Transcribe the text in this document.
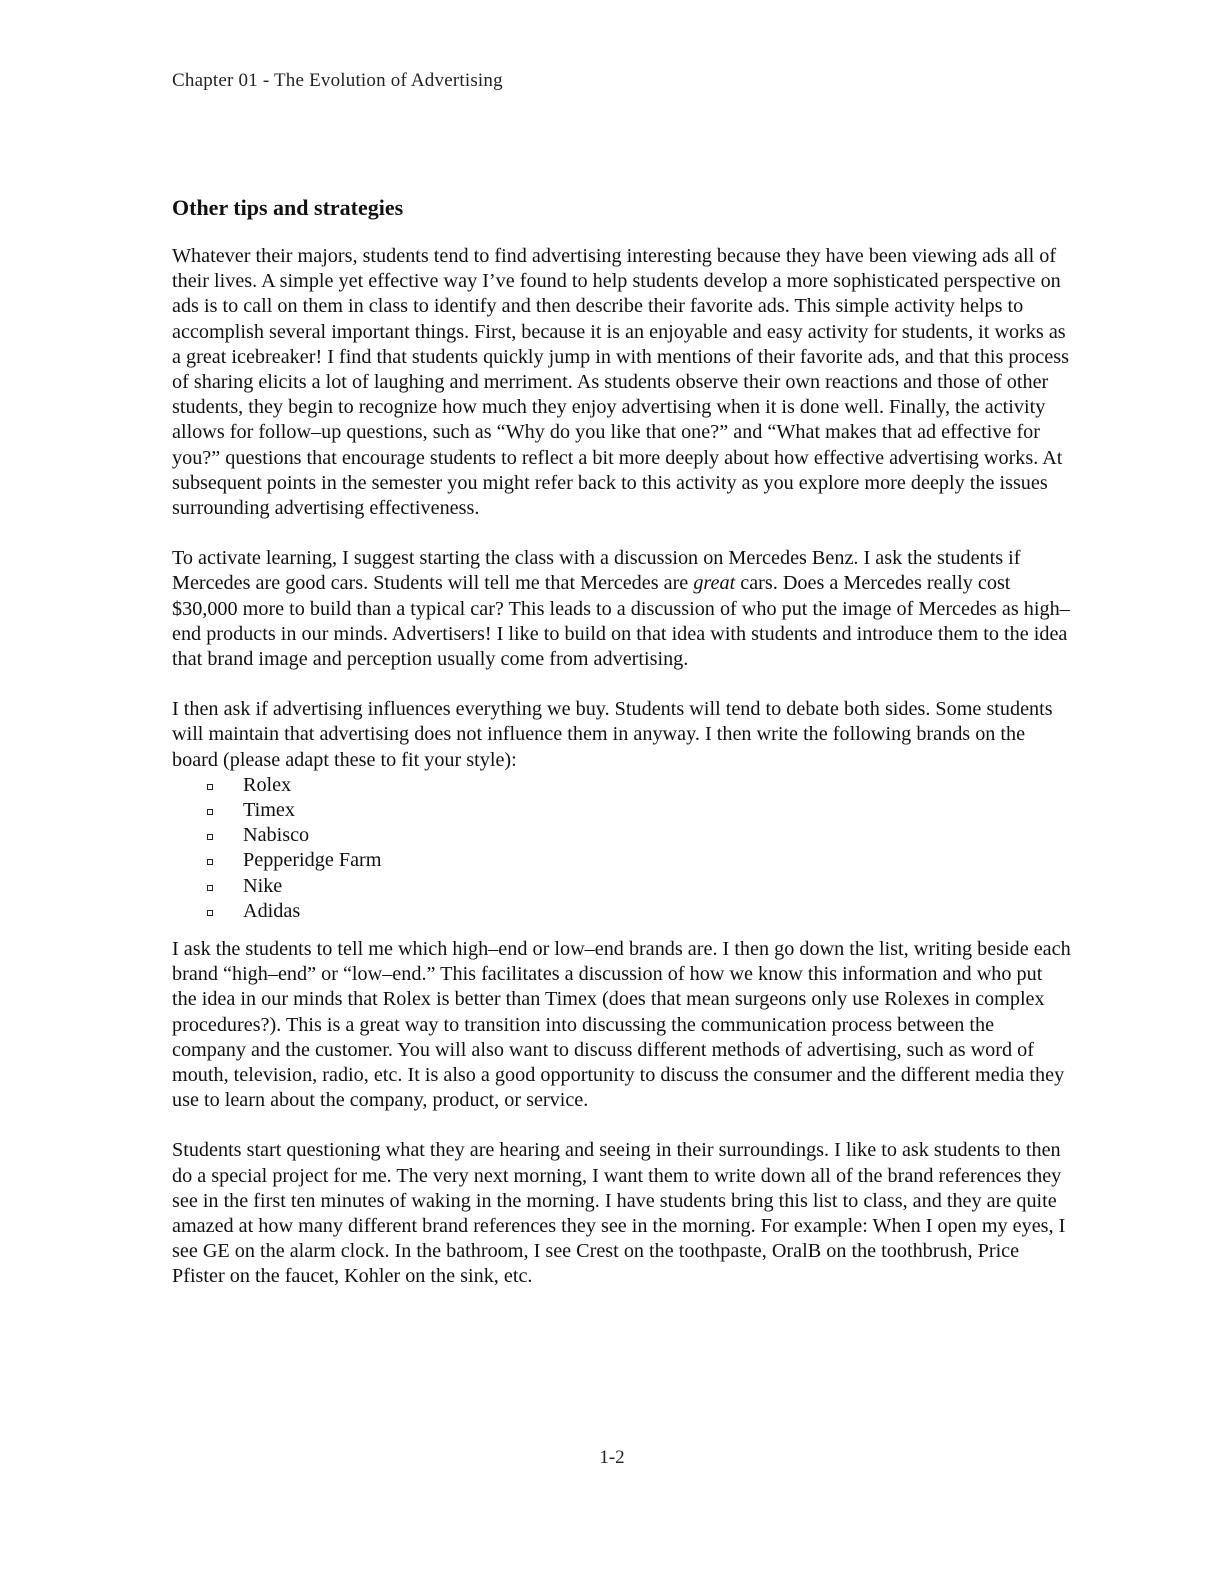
Chapter 01 - The Evolution of Advertising
Other tips and strategies

Whatever their majors, students tend to find advertising interesting because they have been viewing ads all of their lives. A simple yet effective way I’ve found to help students develop a more sophisticated perspective on ads is to call on them in class to identify and then describe their favorite ads. This simple activity helps to accomplish several important things. First, because it is an enjoyable and easy activity for students, it works as a great icebreaker! I find that students quickly jump in with mentions of their favorite ads, and that this process of sharing elicits a lot of laughing and merriment. As students observe their own reactions and those of other students, they begin to recognize how much they enjoy advertising when it is done well. Finally, the activity allows for follow–up questions, such as “Why do you like that one?” and “What makes that ad effective for you?” questions that encourage students to reflect a bit more deeply about how effective advertising works. At subsequent points in the semester you might refer back to this activity as you explore more deeply the issues surrounding advertising effectiveness.

To activate learning, I suggest starting the class with a discussion on Mercedes Benz. I ask the students if Mercedes are good cars. Students will tell me that Mercedes are great cars. Does a Mercedes really cost $30,000 more to build than a typical car? This leads to a discussion of who put the image of Mercedes as high–end products in our minds. Advertisers! I like to build on that idea with students and introduce them to the idea that brand image and perception usually come from advertising.

I then ask if advertising influences everything we buy. Students will tend to debate both sides. Some students will maintain that advertising does not influence them in anyway. I then write the following brands on the board (please adapt these to fit your style):

Rolex
Timex
Nabisco
Pepperidge Farm
Nike
Adidas

I ask the students to tell me which high–end or low–end brands are. I then go down the list, writing beside each brand “high–end” or “low–end.” This facilitates a discussion of how we know this information and who put the idea in our minds that Rolex is better than Timex (does that mean surgeons only use Rolexes in complex procedures?). This is a great way to transition into discussing the communication process between the company and the customer. You will also want to discuss different methods of advertising, such as word of mouth, television, radio, etc. It is also a good opportunity to discuss the consumer and the different media they use to learn about the company, product, or service.

Students start questioning what they are hearing and seeing in their surroundings. I like to ask students to then do a special project for me. The very next morning, I want them to write down all of the brand references they see in the first ten minutes of waking in the morning. I have students bring this list to class, and they are quite amazed at how many different brand references they see in the morning. For example: When I open my eyes, I see GE on the alarm clock. In the bathroom, I see Crest on the toothpaste, OralB on the toothbrush, Price Pfister on the faucet, Kohler on the sink, etc.

1-2
